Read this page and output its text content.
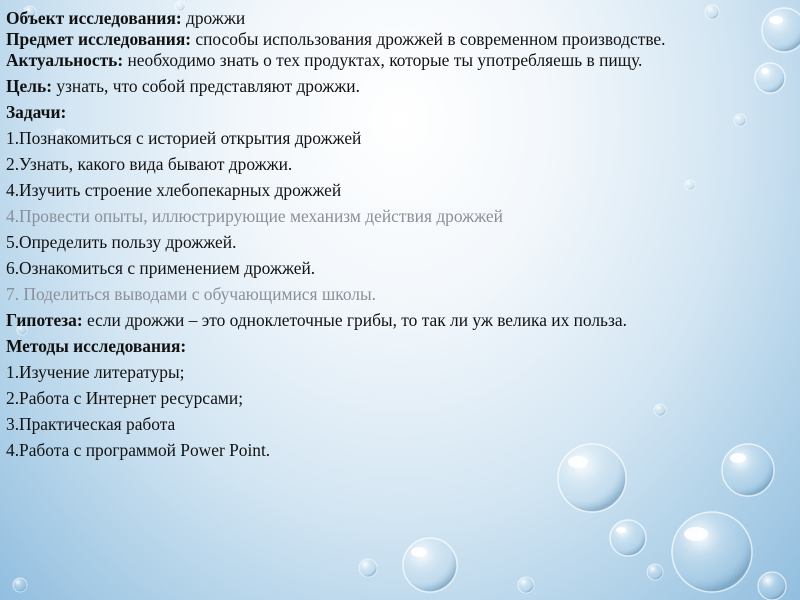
Объект исследования: дрожжи

Предмет исследования: способы использования дрожжей в современном производстве.

Актуальность: необходимо знать о тех продуктах, которые ты употребляешь в пищу.

Цель: узнать, что собой представляют дрожжи.

Задачи:

1.Познакомиться с историей открытия дрожжей

2.Узнать, какого вида бывают дрожжи.

4.Изучить строение хлебопекарных дрожжей

4.Провести опыты, иллюстрирующие механизм действия дрожжей

5.Определить пользу дрожжей.

6.Ознакомиться с применением дрожжей.

7. Поделиться выводами с обучающимися школы.

Гипотеза: если дрожжи – это одноклеточные грибы, то так ли уж велика их польза.

Методы исследования:

1.Изучение литературы;

2.Работа с Интернет ресурсами;

3.Практическая работа

4.Работа с программой Power Point.
